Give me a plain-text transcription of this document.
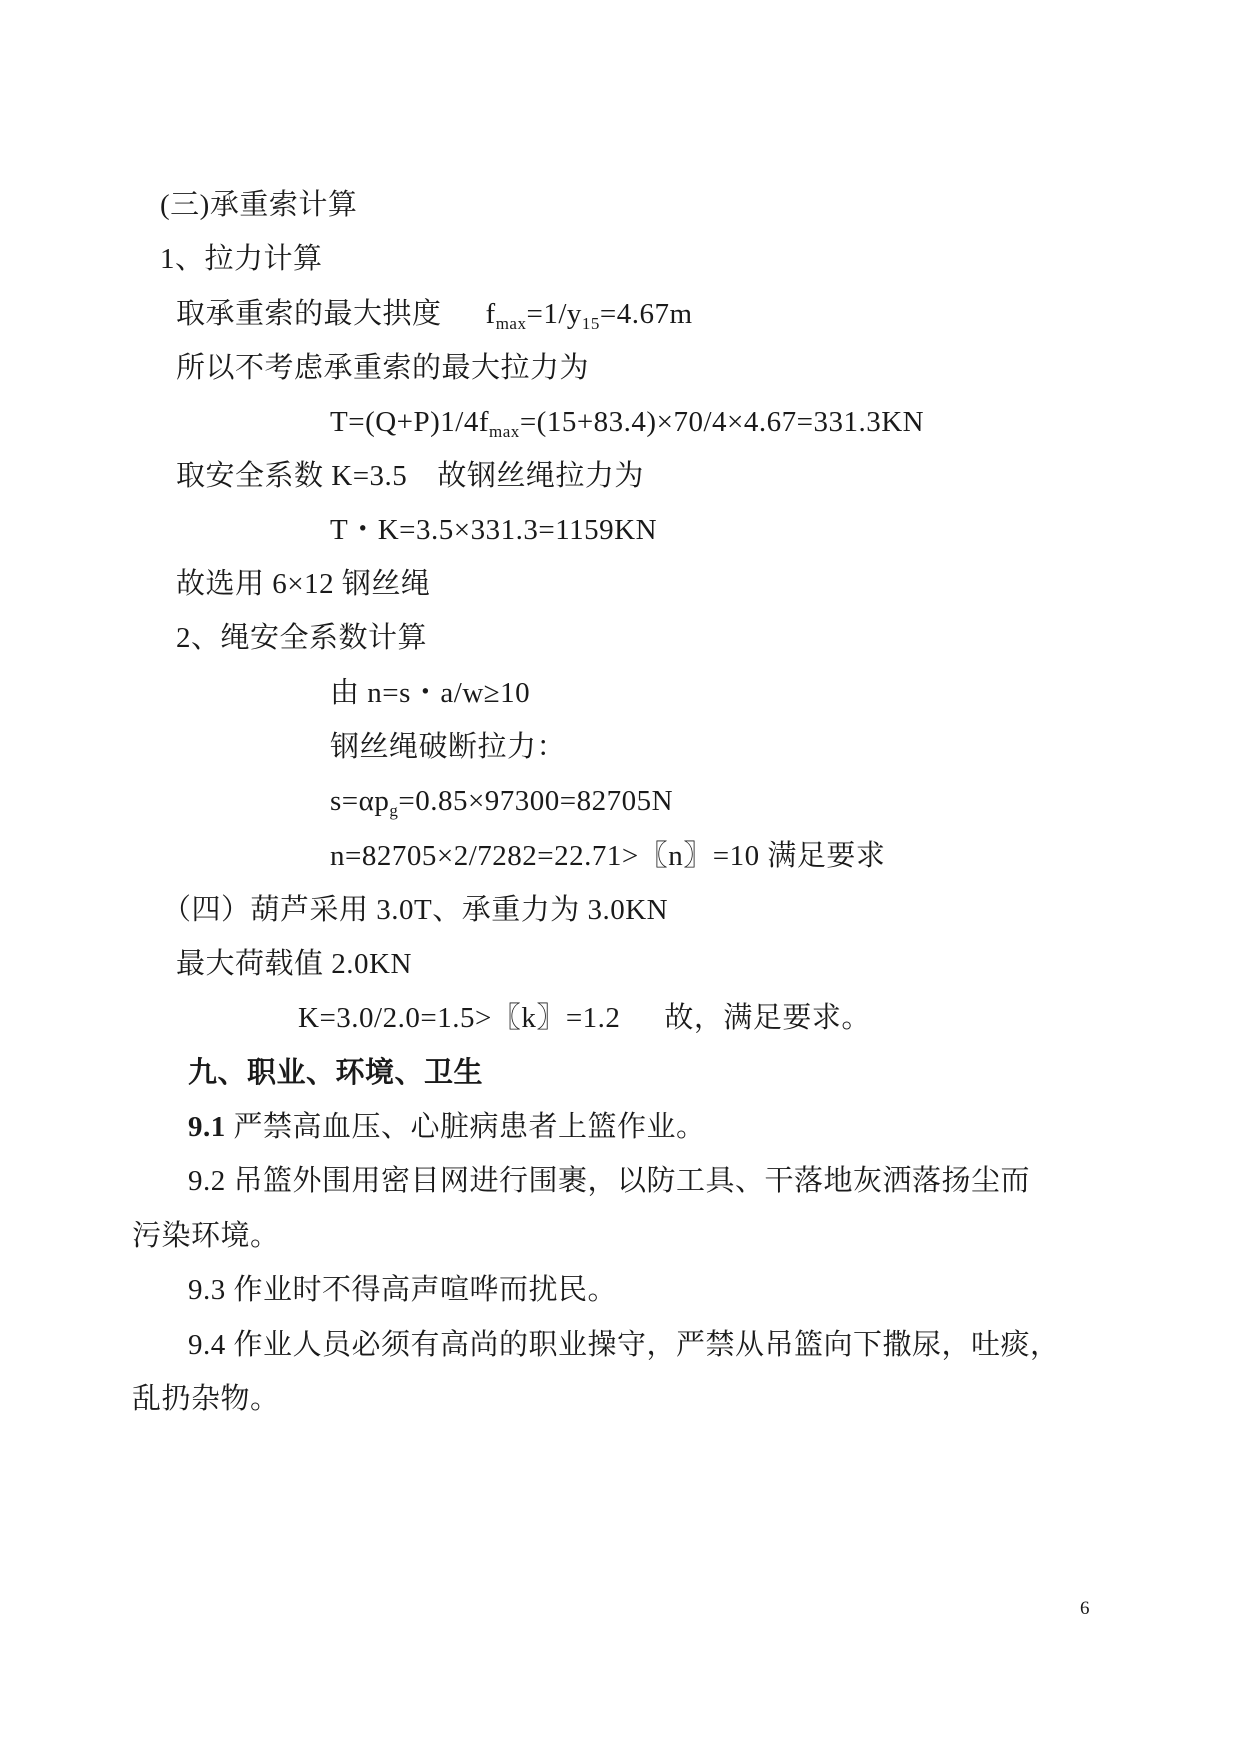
(三)承重索计算
1、拉力计算
取承重索的最大拱度 $f_{max}=1/y_{15}=4.67m$
所以不考虑承重索的最大拉力为
$T=(Q+P)1/4f_{max}=(15+83.4)\times 70/4\times 4.67=331.3KN$
取安全系数 K=3.5 故钢丝绳拉力为
T・K=3.5×331.3=1159KN
故选用 6×12 钢丝绳
2、绳安全系数计算
由 n=s・a/w≥10
钢丝绳破断拉力：
$s=\alpha p_g=0.85\times 97300=82705N$
n=82705×2/7282=22.71>〖n〗=10 满足要求
（四）葫芦采用 3.0T、承重力为 3.0KN
最大荷载值 2.0KN
K=3.0/2.0=1.5>〖k〗=1.2 故，满足要求。
九、职业、环境、卫生
9.1 严禁高血压、心脏病患者上篮作业。
9.2 吊篮外围用密目网进行围裹，以防工具、干落地灰洒落扬尘而
污染环境。
9.3 作业时不得高声喧哗而扰民。
9.4 作业人员必须有高尚的职业操守，严禁从吊篮向下撒尿，吐痰，
乱扔杂物。
6
